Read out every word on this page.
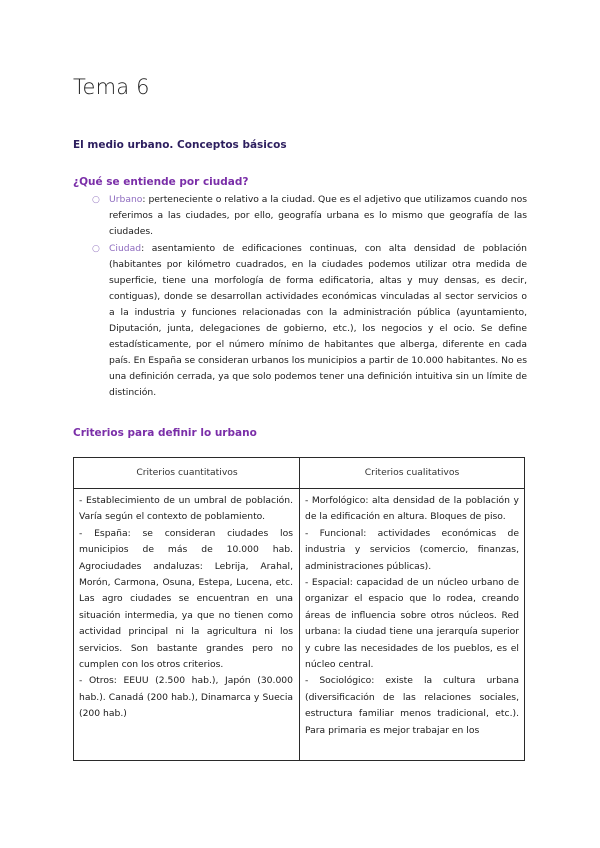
Tema 6
El medio urbano. Conceptos básicos
¿Qué se entiende por ciudad?
○ Urbano: perteneciente o relativo a la ciudad. Que es el adjetivo que utilizamos cuando nos referimos a las ciudades, por ello, geografía urbana es lo mismo que geografía de las ciudades.
○ Ciudad: asentamiento de edificaciones continuas, con alta densidad de población (habitantes por kilómetro cuadrados, en la ciudades podemos utilizar otra medida de superficie, tiene una morfología de forma edificatoria, altas y muy densas, es decir, contiguas), donde se desarrollan actividades económicas vinculadas al sector servicios o a la industria y funciones relacionadas con la administración pública (ayuntamiento, Diputación, junta, delegaciones de gobierno, etc.), los negocios y el ocio. Se define estadísticamente, por el número mínimo de habitantes que alberga, diferente en cada país. En España se consideran urbanos los municipios a partir de 10.000 habitantes. No es una definición cerrada, ya que solo podemos tener una definición intuitiva sin un límite de distinción.
Criterios para definir lo urbano
Criterios cuantitativos	Criterios cualitativos

- Establecimiento de un umbral de población. Varía según el contexto de poblamiento.

- España: se consideran ciudades los municipios de más de 10.000 hab. Agrociudades andaluzas: Lebrija, Arahal, Morón, Carmona, Osuna, Estepa, Lucena, etc. Las agro ciudades se encuentran en una situación intermedia, ya que no tienen como actividad principal ni la agricultura ni los servicios. Son bastante grandes pero no cumplen con los otros criterios.

- Otros: EEUU (2.500 hab.), Japón (30.000 hab.). Canadá (200 hab.), Dinamarca y Suecia (200 hab.)

- Morfológico: alta densidad de la población y de la edificación en altura. Bloques de piso.

- Funcional: actividades económicas de industria y servicios (comercio, finanzas, administraciones públicas).

- Espacial: capacidad de un núcleo urbano de organizar el espacio que lo rodea, creando áreas de influencia sobre otros núcleos. Red urbana: la ciudad tiene una jerarquía superior y cubre las necesidades de los pueblos, es el núcleo central.

- Sociológico: existe la cultura urbana (diversificación de las relaciones sociales, estructura familiar menos tradicional, etc.). Para primaria es mejor trabajar en los
